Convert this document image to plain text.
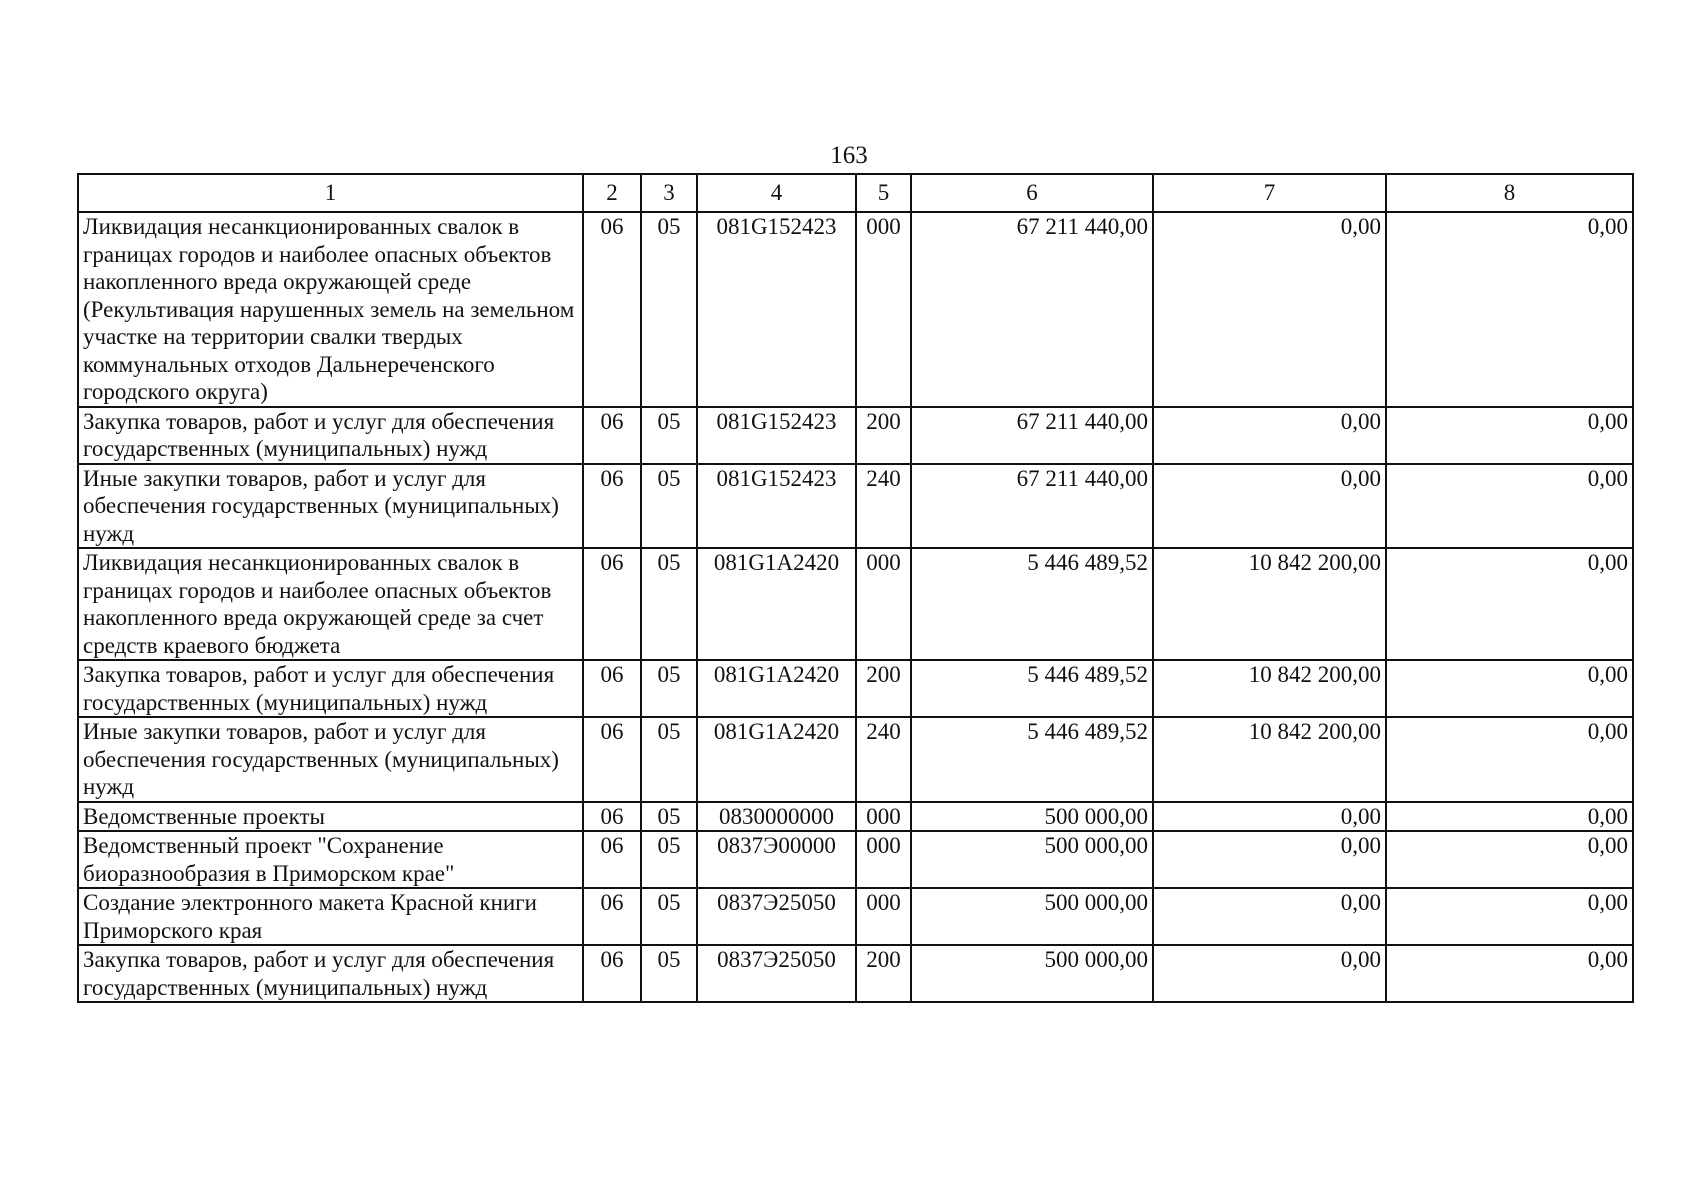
163
1	2	3	4	5	6	7	8
Ликвидация несанкционированных свалок в границах городов и наиболее опасных объектов накопленного вреда окружающей среде (Рекультивация нарушенных земель на земельном участке на территории свалки твердых коммунальных отходов Дальнереченского городского округа)	06	05	081G152423	000	67 211 440,00	0,00	0,00
Закупка товаров, работ и услуг для обеспечения государственных (муниципальных) нужд	06	05	081G152423	200	67 211 440,00	0,00	0,00
Иные закупки товаров, работ и услуг для обеспечения государственных (муниципальных) нужд	06	05	081G152423	240	67 211 440,00	0,00	0,00
Ликвидация несанкционированных свалок в границах городов и наиболее опасных объектов накопленного вреда окружающей среде за счет средств краевого бюджета	06	05	081G1A2420	000	5 446 489,52	10 842 200,00	0,00
Закупка товаров, работ и услуг для обеспечения государственных (муниципальных) нужд	06	05	081G1A2420	200	5 446 489,52	10 842 200,00	0,00
Иные закупки товаров, работ и услуг для обеспечения государственных (муниципальных) нужд	06	05	081G1A2420	240	5 446 489,52	10 842 200,00	0,00
Ведомственные проекты	06	05	0830000000	000	500 000,00	0,00	0,00
Ведомственный проект "Сохранение биоразнообразия в Приморском крае"	06	05	0837Э00000	000	500 000,00	0,00	0,00
Создание электронного макета Красной книги Приморского края	06	05	0837Э25050	000	500 000,00	0,00	0,00
Закупка товаров, работ и услуг для обеспечения государственных (муниципальных) нужд	06	05	0837Э25050	200	500 000,00	0,00	0,00
